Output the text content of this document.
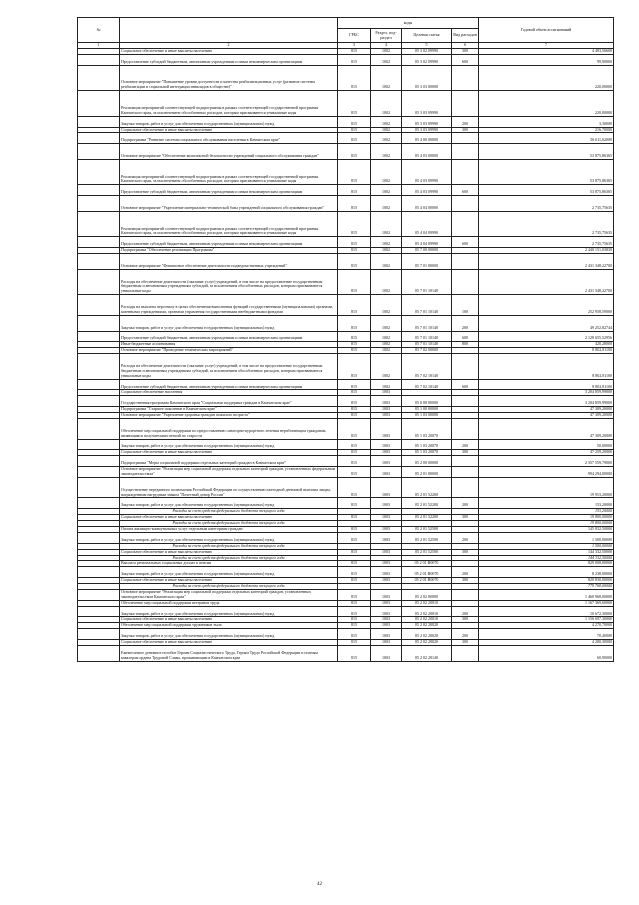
№		коды				Годовой объем ассигнований
		ГРБС	Раздел, под-раздел	Целевая статья	Вид расходов	
1	2	3	4	5	6	7
	Социальное обеспечение и иные выплаты населению	815	1002	05 3 02 09990	300	4 483,56600
	Предоставление субсидий бюджетным, автономным учреждениям и иным некоммерческим организациям	815	1002	05 3 02 09990	600	99,90000
	Основное мероприятие "Повышение уровня доступности и качества реабилитационных услуг (развитие системы реабилитации и социальной интеграции инвалидов в обществе)"	815	1002	05 3 03 00000		220,00000
	Реализация мероприятий соответствующей подпрограммы в рамках соответствующей государственной программы Камчатского края, за исключением обособленных расходов, которым присваиваются уникальные коды	815	1002	05 3 03 09990		220,00000
	Закупка товаров, работ и услуг для обеспечения государственных (муниципальных) нужд	815	1002	05 3 03 09990	200	3,30000
	Социальное обеспечение и иные выплаты населению	815	1002	05 3 03 09990	300	216,70000
	Подпрограмма "Развитие системы социального обслуживания населения в Камчатском крае"	815	1002	05 4 00 00000		56 611,62000
	Основное мероприятие "Обеспечение комплексной безопасности учреждений социального обслуживания граждан"	815	1002	05 4 03 00000		53 875,86365
	Реализация мероприятий соответствующей подпрограммы в рамках соответствующей государственной программы Камчатского края, за исключением обособленных расходов, которым присваиваются уникальные коды	815	1002	05 4 03 09990		53 875,86365
	Предоставление субсидий бюджетным, автономным учреждениям и иным некоммерческим организациям	815	1002	05 4 03 09990	600	53 875,86365
	Основное мероприятие "Укрепление материально-технической базы учреждений социального обслуживания граждан"	815	1002	05 4 04 00000		2 735,75635
	Реализация мероприятий соответствующей подпрограммы в рамках соответствующей государственной программы Камчатского края, за исключением обособленных расходов, которым присваиваются уникальные коды	815	1002	05 4 04 09990		2 735,75635
	Предоставление субсидий бюджетным, автономным учреждениям и иным некоммерческим организациям	815	1002	05 4 04 09990	600	2 735,75635
	Подпрограмма "Обеспечение реализации Программы"	815	1002	05 7 00 00000		2 440 151,03830
	Основное мероприятие "Финансовое обеспечение деятельности подведомственных учреждений"	815	1002	05 7 01 00000		2 431 348,22700
	Расходы на обеспечение деятельности (оказание услуг) учреждений, в том числе на предоставление государственным бюджетным и автономным учреждениям субсидий, за исключением обособленных расходов, которым присваиваются уникальные коды	815	1002	05 7 01 10140		2 431 348,22700
	Расходы на выплаты персоналу в целях обеспечения выполнения функций государственными (муниципальными) органами, казенными учреждениями, органами управления государственными внебюджетными фондами	815	1002	05 7 01 10140	100	252 958,59000
	Закупка товаров, работ и услуг для обеспечения государственных (муниципальных) нужд	815	1002	05 7 01 10140	200	49 252,82744
	Предоставление субсидий бюджетным, автономным учреждениям и иным некоммерческим организациям	815	1002	05 7 01 10140	600	2 128 655,52956
	Иные бюджетные ассигнования	815	1002	05 7 01 10140	800	420,28000
	Основное мероприятие "Проведение тематических мероприятий"	815	1002	05 7 02 00000		8 802,81100
	Расходы на обеспечение деятельности (оказание услуг) учреждений, в том числе на предоставление государственным бюджетным и автономным учреждениям субсидий, за исключением обособленных расходов, которым присваиваются уникальные коды	815	1002	05 7 02 10140		8 802,81100
	Предоставление субсидий бюджетным, автономным учреждениям и иным некоммерческим организациям	815	1002	05 7 02 10140	600	8 802,81100
	Социальное обеспечение населения	815	1003			3 204 859,99000
	Государственная программа Камчатского края "Социальная поддержка граждан в Камчатском крае"	815	1003	05 0 00 00000		3 204 859,99000
	Подпрограмма "Старшее поколение в Камчатском крае"	815	1003	05 1 00 00000		47 309,20000
	Основное мероприятие "Укрепление здоровья граждан пожилого возраста"	815	1003	05 1 03 00000		47 309,20000
	Обеспечение мер социальной поддержки по предоставлению санаторно-курортного лечения неработающим гражданам, являющимся получателями пенсий по старости	815	1003	05 1 03 20070		47 309,20000
	Закупка товаров, работ и услуг для обеспечения государственных (муниципальных) нужд	815	1003	05 1 03 20070	200	50,00000
	Социальное обеспечение и иные выплаты населению	815	1003	05 1 03 20070	300	47 259,20000
	Подпрограмма "Меры социальной поддержки отдельных категорий граждан в Камчатском крае"	815	1003	05 2 00 00000		2 357 559,79000
	Основное мероприятие "Реализация мер социальной поддержки отдельных категорий граждан, установленных федеральным законодательством"	815	1003	05 2 01 00000		994 294,00000
	Осуществление переданного полномочия Российской Федерации по осуществлению ежегодной денежной выплаты лицам, награжденным нагрудным знаком "Почетный донор России"	815	1003	05 2 01 52200		19 953,20000
	Закупка товаров, работ и услуг для обеспечения государственных (муниципальных) нужд	815	1003	05 2 01 52200	200	153,20000
	Расходы за счет средств федерального бюджета текущего года					153,20000
	Социальное обеспечение и иные выплаты населению	815	1003	05 2 01 52200	300	19 800,00000
	Расходы за счет средств федерального бюджета текущего года					19 800,00000
	Оплата жилищно-коммунальных услуг отдельным категориям граждан	815	1003	05 2 01 52500		145 832,50000
	Закупка товаров, работ и услуг для обеспечения государственных (муниципальных) нужд	815	1003	05 2 01 52500	200	1 500,00000
	Расходы за счет средств федерального бюджета текущего года					1 500,00000
	Социальное обеспечение и иные выплаты населению	815	1003	05 2 01 52500	300	144 332,50000
	Расходы за счет средств федерального бюджета текущего года					144 332,50000
	Выплата региональных социальных доплат к пенсии	815	1003	05 2 01 R0070		829 008,00000
	Закупка товаров, работ и услуг для обеспечения государственных (муниципальных) нужд	815	1003	05 2 01 R0070	200	8 238,00000
	Социальное обеспечение и иные выплаты населению	815	1003	05 2 01 R0070	300	820 830,00000
	Расходы за счет средств федерального бюджета текущего года					779 768,00000
	Основное мероприятие "Реализация мер социальной поддержки отдельных категорий граждан, установленных законодательством Камчатского края"	815	1003	05 2 02 00000		1 460 968,00000
	Обеспечение мер социальной поддержки ветеранов труда	815	1003	05 2 02 20010		1 167 369,60000
	Закупка товаров, работ и услуг для обеспечения государственных (муниципальных) нужд	815	1003	05 2 02 20010	200	10 672,30000
	Социальное обеспечение и иные выплаты населению	815	1003	05 2 02 20010	300	1 156 697,30000
	Обеспечение мер социальной поддержки тружеников тыла	815	1003	05 2 02 20020		4 270,70000
	Закупка товаров, работ и услуг для обеспечения государственных (муниципальных) нужд	815	1003	05 2 02 20020	200	70,40000
	Социальное обеспечение и иные выплаты населению	815	1003	05 2 02 20020	300	4 200,30000
	Ежемесячное денежное пособие Героям Социалистического Труда, Героям Труда Российской Федерации и полным кавалерам ордена Трудовой Славы, проживающим в Камчатском крае	815	1003	05 2 02 20140		60,90000
42
